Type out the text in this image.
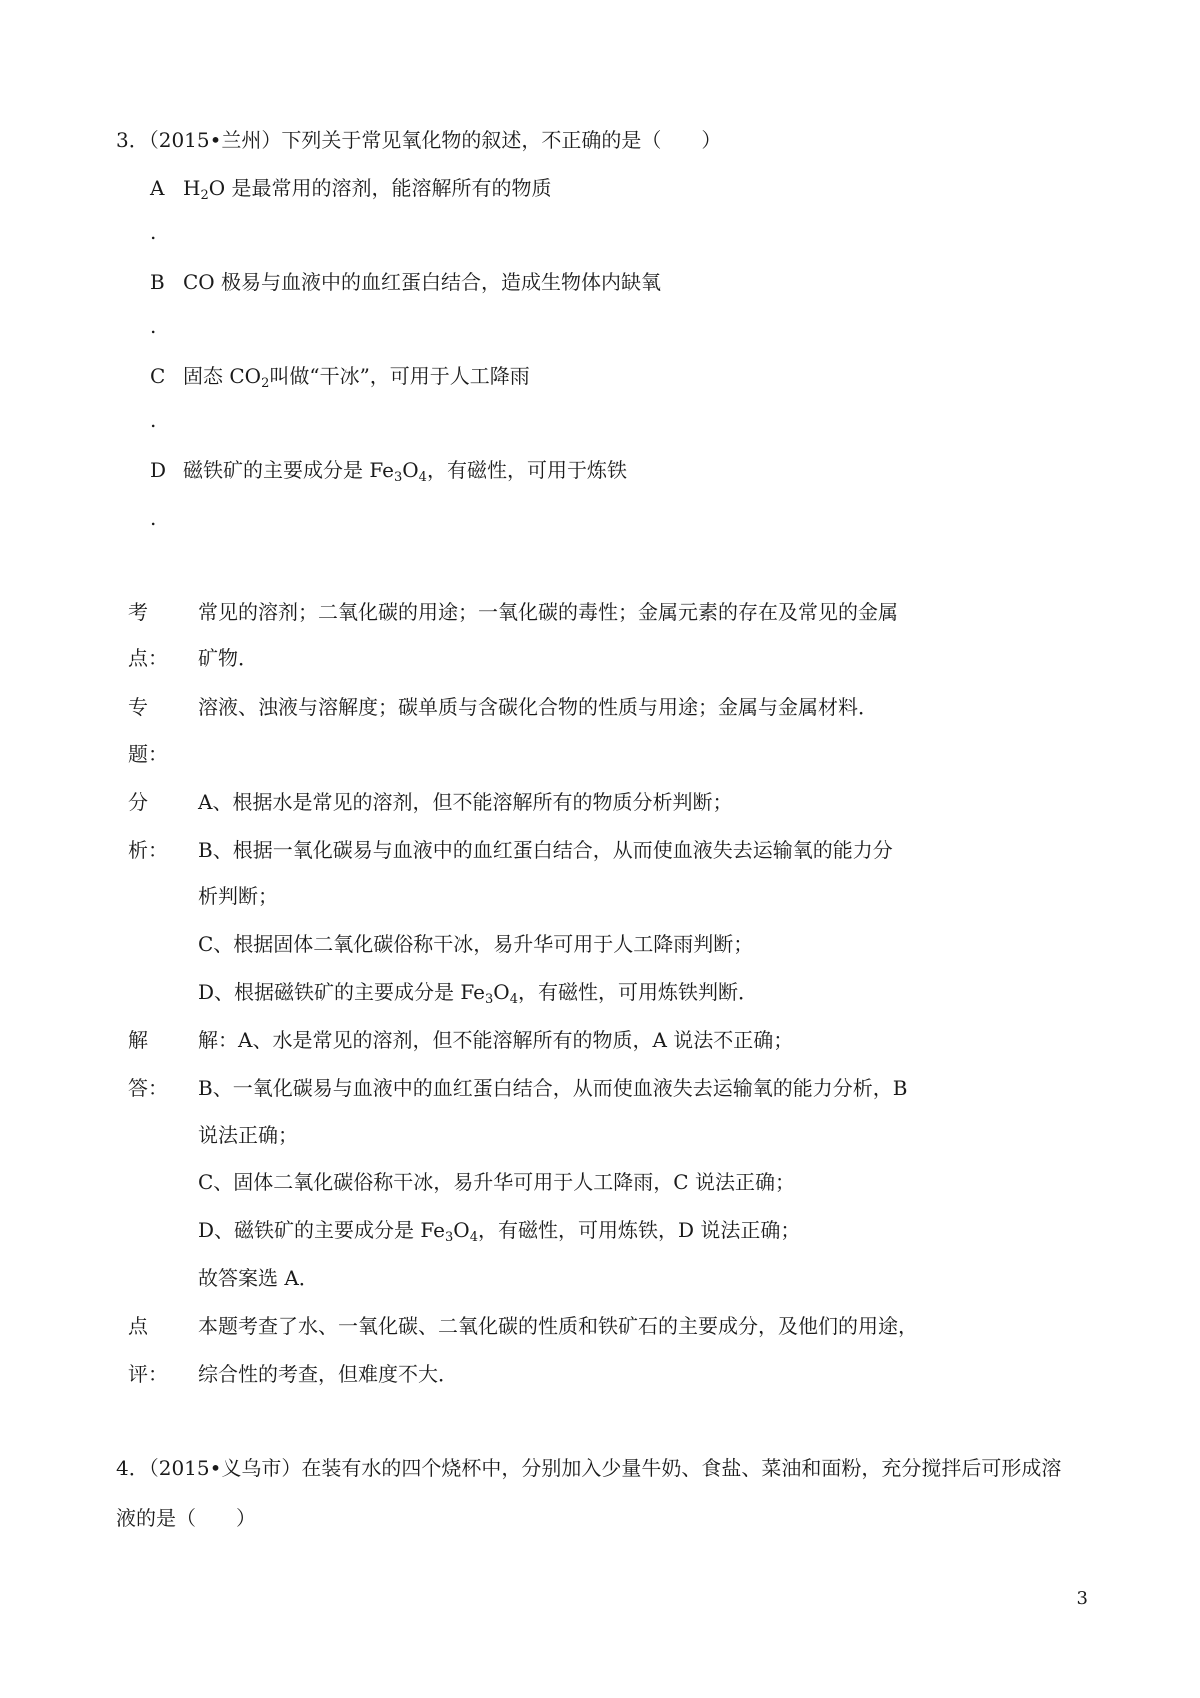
3．（2015•兰州）下列关于常见氧化物的叙述，不正确的是（　　）
A $H_2O$ 是最常用的溶剂，能溶解所有的物质
.
B CO 极易与血液中的血红蛋白结合，造成生物体内缺氧
.
C 固态 $CO_2$叫做“干冰”，可用于人工降雨
.
D 磁铁矿的主要成分是 $Fe_3O_4$，有磁性，可用于炼铁
.
考
点：
常见的溶剂；二氧化碳的用途；一氧化碳的毒性；金属元素的存在及常见的金属
矿物．
专
题：
溶液、浊液与溶解度；碳单质与含碳化合物的性质与用途；金属与金属材料．
分
析：
A、根据水是常见的溶剂，但不能溶解所有的物质分析判断；
B、根据一氧化碳易与血液中的血红蛋白结合，从而使血液失去运输氧的能力分
析判断；
C、根据固体二氧化碳俗称干冰，易升华可用于人工降雨判断；
D、根据磁铁矿的主要成分是 $Fe_3O_4$，有磁性，可用炼铁判断．
解
答：
解：A、水是常见的溶剂，但不能溶解所有的物质，A 说法不正确；
B、一氧化碳易与血液中的血红蛋白结合，从而使血液失去运输氧的能力分析，B
说法正确；
C、固体二氧化碳俗称干冰，易升华可用于人工降雨，C 说法正确；
D、磁铁矿的主要成分是 $Fe_3O_4$，有磁性，可用炼铁，D 说法正确；
故答案选 A．
点
评：
本题考查了水、一氧化碳、二氧化碳的性质和铁矿石的主要成分，及他们的用途，
综合性的考查，但难度不大．
4．（2015•义乌市）在装有水的四个烧杯中，分别加入少量牛奶、食盐、菜油和面粉，充分搅拌后可形成溶
液的是（　　）
3
